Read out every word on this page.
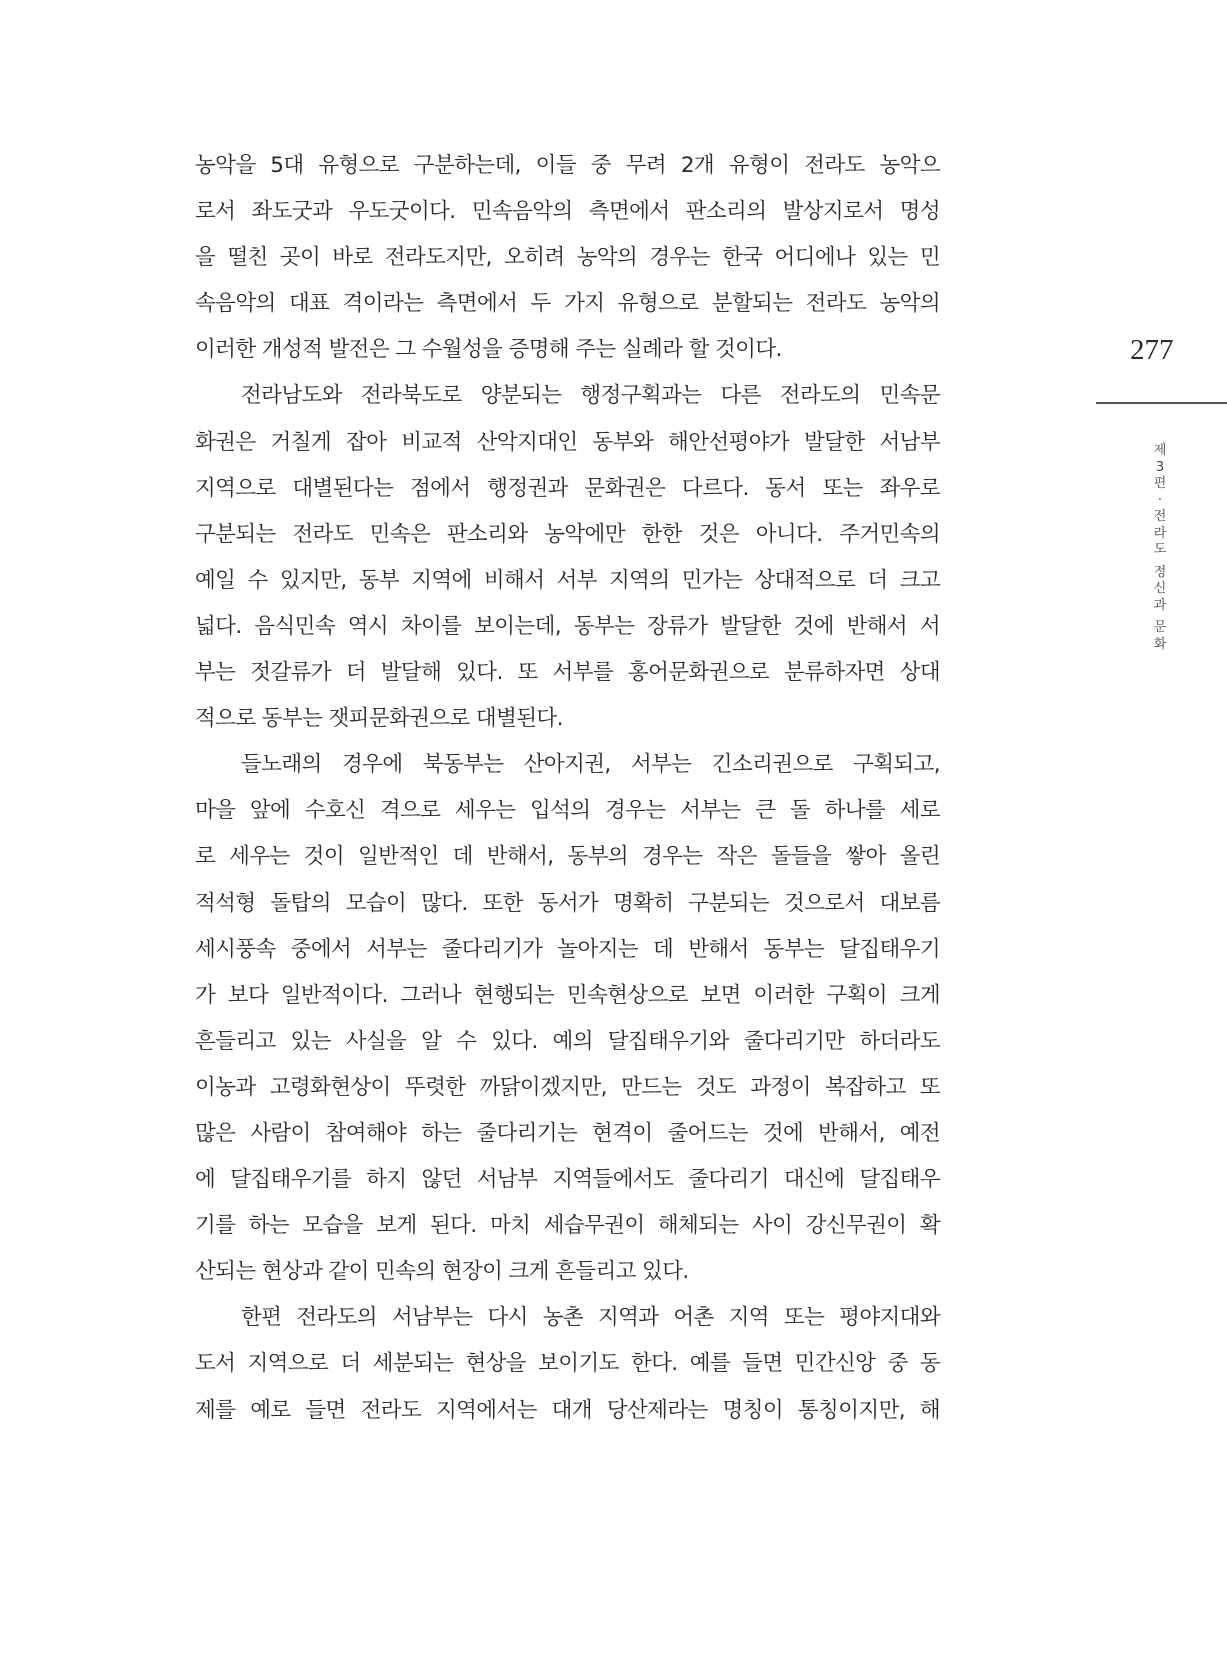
농악을 5대 유형으로 구분하는데, 이들 중 무려 2개 유형이 전라도 농악으
로서 좌도굿과 우도굿이다. 민속음악의 측면에서 판소리의 발상지로서 명성
을 떨친 곳이 바로 전라도지만, 오히려 농악의 경우는 한국 어디에나 있는 민
속음악의 대표 격이라는 측면에서 두 가지 유형으로 분할되는 전라도 농악의
이러한 개성적 발전은 그 수월성을 증명해 주는 실례라 할 것이다.
전라남도와 전라북도로 양분되는 행정구획과는 다른 전라도의 민속문
화권은 거칠게 잡아 비교적 산악지대인 동부와 해안선평야가 발달한 서남부
지역으로 대별된다는 점에서 행정권과 문화권은 다르다. 동서 또는 좌우로
구분되는 전라도 민속은 판소리와 농악에만 한한 것은 아니다. 주거민속의
예일 수 있지만, 동부 지역에 비해서 서부 지역의 민가는 상대적으로 더 크고
넓다. 음식민속 역시 차이를 보이는데, 동부는 장류가 발달한 것에 반해서 서
부는 젓갈류가 더 발달해 있다. 또 서부를 홍어문화권으로 분류하자면 상대
적으로 동부는 잿피문화권으로 대별된다.
들노래의 경우에 북동부는 산아지권, 서부는 긴소리권으로 구획되고,
마을 앞에 수호신 격으로 세우는 입석의 경우는 서부는 큰 돌 하나를 세로
로 세우는 것이 일반적인 데 반해서, 동부의 경우는 작은 돌들을 쌓아 올린
적석형 돌탑의 모습이 많다. 또한 동서가 명확히 구분되는 것으로서 대보름
세시풍속 중에서 서부는 줄다리기가 놀아지는 데 반해서 동부는 달집태우기
가 보다 일반적이다. 그러나 현행되는 민속현상으로 보면 이러한 구획이 크게
흔들리고 있는 사실을 알 수 있다. 예의 달집태우기와 줄다리기만 하더라도
이농과 고령화현상이 뚜렷한 까닭이겠지만, 만드는 것도 과정이 복잡하고 또
많은 사람이 참여해야 하는 줄다리기는 현격이 줄어드는 것에 반해서, 예전
에 달집태우기를 하지 않던 서남부 지역들에서도 줄다리기 대신에 달집태우
기를 하는 모습을 보게 된다. 마치 세습무권이 해체되는 사이 강신무권이 확
산되는 현상과 같이 민속의 현장이 크게 흔들리고 있다.
한편 전라도의 서남부는 다시 농촌 지역과 어촌 지역 또는 평야지대와
도서 지역으로 더 세분되는 현상을 보이기도 한다. 예를 들면 민간신앙 중 동
제를 예로 들면 전라도 지역에서는 대개 당산제라는 명칭이 통칭이지만, 해
277
제
3
편
·
전
라
도

정
신
과

문
화
